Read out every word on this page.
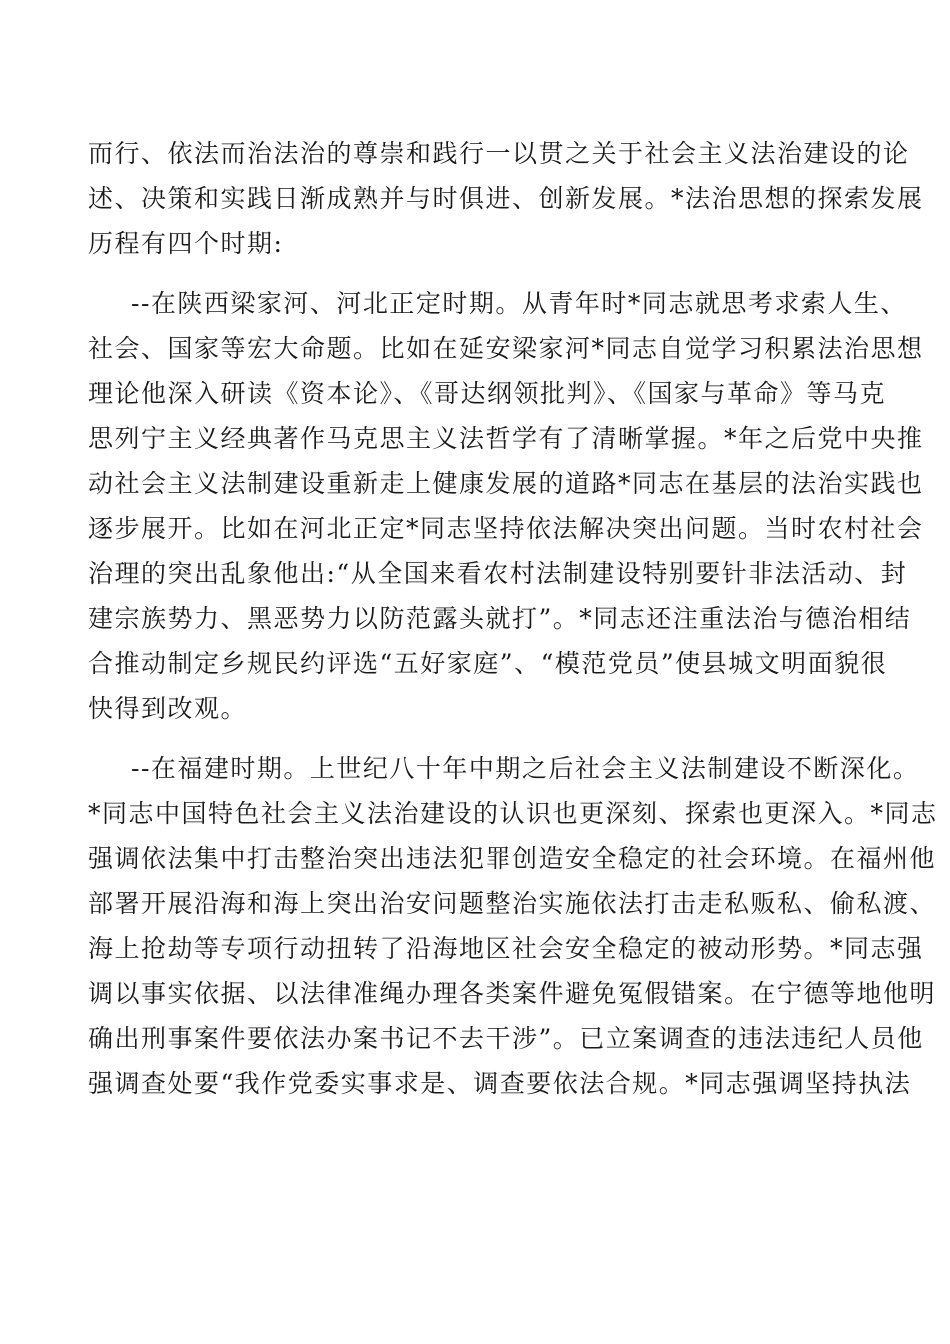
而行、依法而治法治的尊崇和践行一以贯之关于社会主义法治建设的论
述、决策和实践日渐成熟并与时俱进、创新发展。*法治思想的探索发展
历程有四个时期:
--在陕西梁家河、河北正定时期。从青年时*同志就思考求索人生、
社会、国家等宏大命题。比如在延安梁家河*同志自觉学习积累法治思想
理论他深入研读《资本论》、《哥达纲领批判》、《国家与革命》等马克
思列宁主义经典著作马克思主义法哲学有了清晰掌握。*年之后党中央推
动社会主义法制建设重新走上健康发展的道路*同志在基层的法治实践也
逐步展开。比如在河北正定*同志坚持依法解决突出问题。当时农村社会
治理的突出乱象他出:“从全国来看农村法制建设特别要针非法活动、封
建宗族势力、黑恶势力以防范露头就打”。*同志还注重法治与德治相结
合推动制定乡规民约评选“五好家庭”、“模范党员”使县城文明面貌很
快得到改观。
--在福建时期。上世纪八十年中期之后社会主义法制建设不断深化。
*同志中国特色社会主义法治建设的认识也更深刻、探索也更深入。*同志
强调依法集中打击整治突出违法犯罪创造安全稳定的社会环境。在福州他
部署开展沿海和海上突出治安问题整治实施依法打击走私贩私、偷私渡、
海上抢劫等专项行动扭转了沿海地区社会安全稳定的被动形势。*同志强
调以事实依据、以法律准绳办理各类案件避免冤假错案。在宁德等地他明
确出刑事案件要依法办案书记不去干涉”。已立案调查的违法违纪人员他
强调查处要“我作党委实事求是、调查要依法合规。*同志强调坚持执法
